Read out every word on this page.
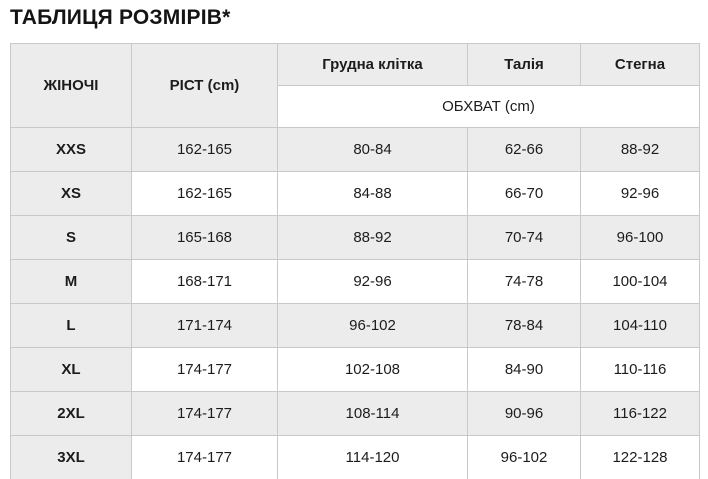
ТАБЛИЦЯ РОЗМІРІВ*
ЖІНОЧІ	РІСТ (cm)	Грудна клітка	Талія	Стегна
		ОБХВАТ (cm)		
XXS	162-165	80-84	62-66	88-92
XS	162-165	84-88	66-70	92-96
S	165-168	88-92	70-74	96-100
M	168-171	92-96	74-78	100-104
L	171-174	96-102	78-84	104-110
XL	174-177	102-108	84-90	110-116
2XL	174-177	108-114	90-96	116-122
3XL	174-177	114-120	96-102	122-128
